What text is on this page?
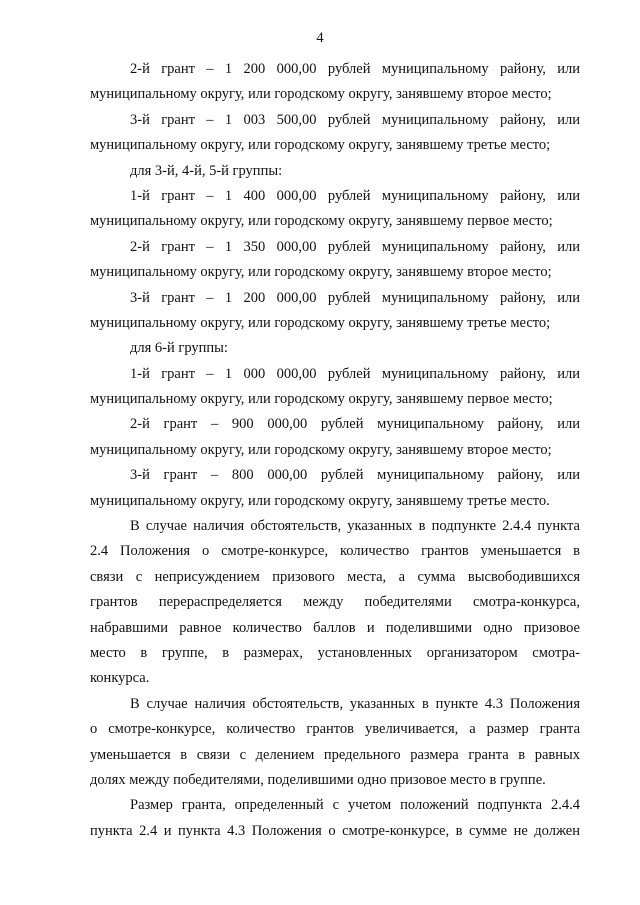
4
2-й грант – 1 200 000,00 рублей муниципальному району, или
муниципальному округу, или городскому округу, занявшему второе место;
3-й грант – 1 003 500,00 рублей муниципальному району, или
муниципальному округу, или городскому округу, занявшему третье место;
для 3-й, 4-й, 5-й группы:
1-й грант – 1 400 000,00 рублей муниципальному району, или
муниципальному округу, или городскому округу, занявшему первое место;
2-й грант – 1 350 000,00 рублей муниципальному району, или
муниципальному округу, или городскому округу, занявшему второе место;
3-й грант – 1 200 000,00 рублей муниципальному району, или
муниципальному округу, или городскому округу, занявшему третье место;
для 6-й группы:
1-й грант – 1 000 000,00 рублей муниципальному району, или
муниципальному округу, или городскому округу, занявшему первое место;
2-й грант – 900 000,00 рублей муниципальному району, или
муниципальному округу, или городскому округу, занявшему второе место;
3-й грант – 800 000,00 рублей муниципальному району, или
муниципальному округу, или городскому округу, занявшему третье место.
В случае наличия обстоятельств, указанных в подпункте 2.4.4 пункта
2.4 Положения о смотре-конкурсе, количество грантов уменьшается в
связи с неприсуждением призового места, а сумма высвободившихся
грантов перераспределяется между победителями смотра-конкурса,
набравшими равное количество баллов и поделившими одно призовое
место в группе, в размерах, установленных организатором смотра-
конкурса.
В случае наличия обстоятельств, указанных в пункте 4.3 Положения
о смотре-конкурсе, количество грантов увеличивается, а размер гранта
уменьшается в связи с делением предельного размера гранта в равных
долях между победителями, поделившими одно призовое место в группе.
Размер гранта, определенный с учетом положений подпункта 2.4.4
пункта 2.4 и пункта 4.3 Положения о смотре-конкурсе, в сумме не должен
